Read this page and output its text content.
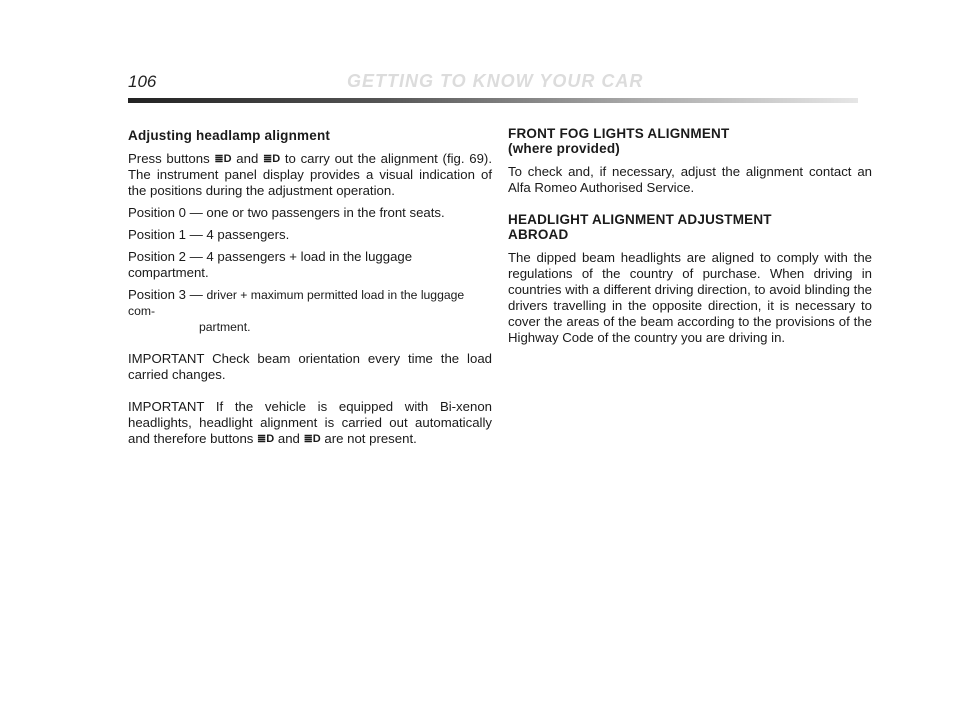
106	GETTING TO KNOW YOUR CAR
Adjusting headlamp alignment

Press buttons ≣D and ≣D to carry out the alignment (fig. 69). The instrument panel display provides a visual indication of the positions during the adjustment operation.

Position 0 — one or two passengers in the front seats.
Position 1 — 4 passengers.
Position 2 — 4 passengers + load in the luggage compartment.
Position 3 — driver + maximum permitted load in the luggage com-
partment.

IMPORTANT Check beam orientation every time the load carried changes.

IMPORTANT If the vehicle is equipped with Bi-xenon headlights, headlight alignment is carried out automatically and therefore buttons ≣D and ≣D are not present.

FRONT FOG LIGHTS ALIGNMENT
(where provided)

To check and, if necessary, adjust the alignment contact an Alfa Romeo Authorised Service.

HEADLIGHT ALIGNMENT ADJUSTMENT
ABROAD

The dipped beam headlights are aligned to comply with the regulations of the country of purchase. When driving in countries with a different driving direction, to avoid blinding the drivers travelling in the opposite direction, it is necessary to cover the areas of the beam according to the provisions of the Highway Code of the country you are driving in.
